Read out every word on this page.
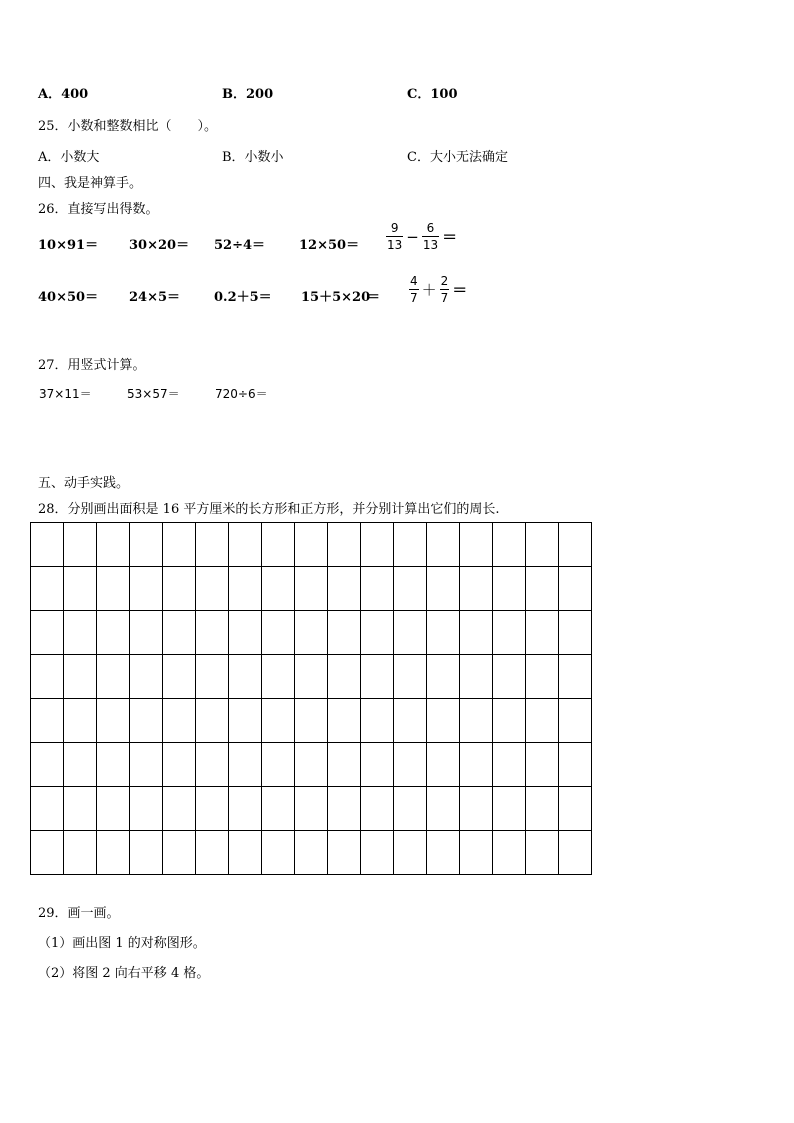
A．400	B．200	C．100
25．小数和整数相比（　　）。
A．小数大	B．小数小	C．大小无法确定
四、我是神算手。
26．直接写出得数。
10×91＝ 30×20＝ 52÷4＝	$12\times 50= \frac{9}{13} - \frac{6}{13}$ ＝
40×50＝ 24×5＝	0.2＋5＝ 15＋5×20
＝ $\frac{4}{7} + \frac{2}{7}$ ＝
27．用竖式计算。
37×11＝	53×57＝	720÷6＝
五、动手实践。
28．分别画出面积是 16 平方厘米的长方形和正方形，并分别计算出它们的周长.

29．画一画。
（1）画出图 1 的对称图形。
（2）将图 2 向右平移 4 格。
